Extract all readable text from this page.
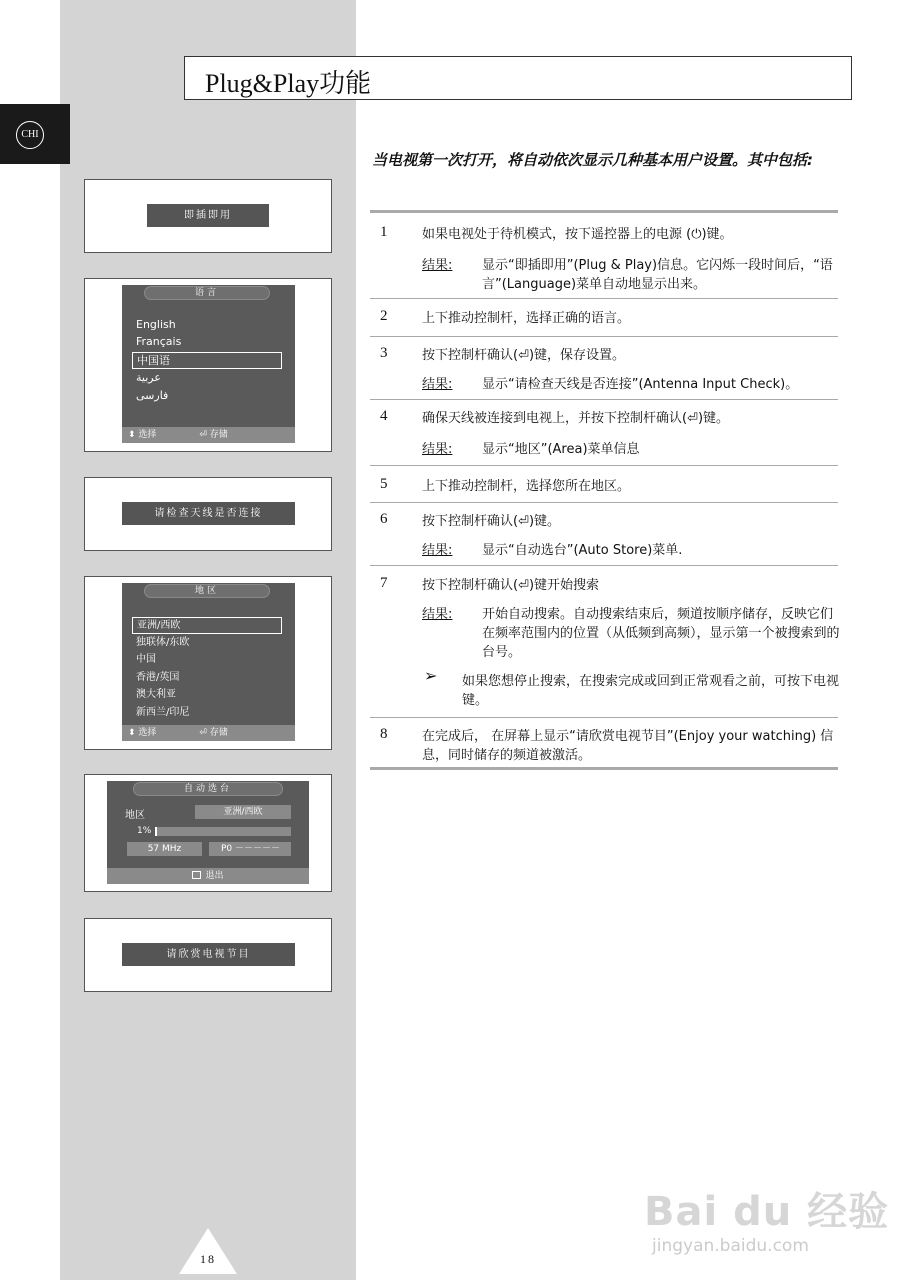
CHI
Plug&Play功能
当电视第一次打开，将自动依次显示几种基本用户设置。其中包括:
即插即用
语言
English
Français
中国语
عربية
فارسی
⬍ 选择	⏎ 存储
请检查天线是否连接
地区
亚洲/西欧
独联体/东欧
中国
香港/英国
澳大利亚
新西兰/印尼
⬍ 选择	⏎ 存储
自动选台
地区	亚洲/西欧
1%
57 MHz	P0 －－－－－
退出
请欣赏电视节目
1	如果电视处于待机模式，按下遥控器上的电源 (⏻)键。
结果: 显示“即插即用”(Plug & Play)信息。它闪烁一段时间后，“语言”(Language)菜单自动地显示出来。
2	上下推动控制杆，选择正确的语言。
3	按下控制杆确认(⏎)键，保存设置。
结果: 显示“请检查天线是否连接”(Antenna Input Check)。
4	确保天线被连接到电视上，并按下控制杆确认(⏎)键。
结果: 显示“地区”(Area)菜单信息
5	上下推动控制杆，选择您所在地区。
6	按下控制杆确认(⏎)键。
结果: 显示“自动选台”(Auto Store)菜单.
7	按下控制杆确认(⏎)键开始搜索
结果: 开始自动搜索。自动搜索结束后，频道按顺序储存，反映它们在频率范围内的位置（从低频到高频），显示第一个被搜索到的台号。
➢ 如果您想停止搜索，在搜索完成或回到正常观看之前，可按下电视键。
8	在完成后， 在屏幕上显示“请欣赏电视节目”(Enjoy your watching) 信息，同时储存的频道被激活。
18
Bai du 经验
jingyan.baidu.com
